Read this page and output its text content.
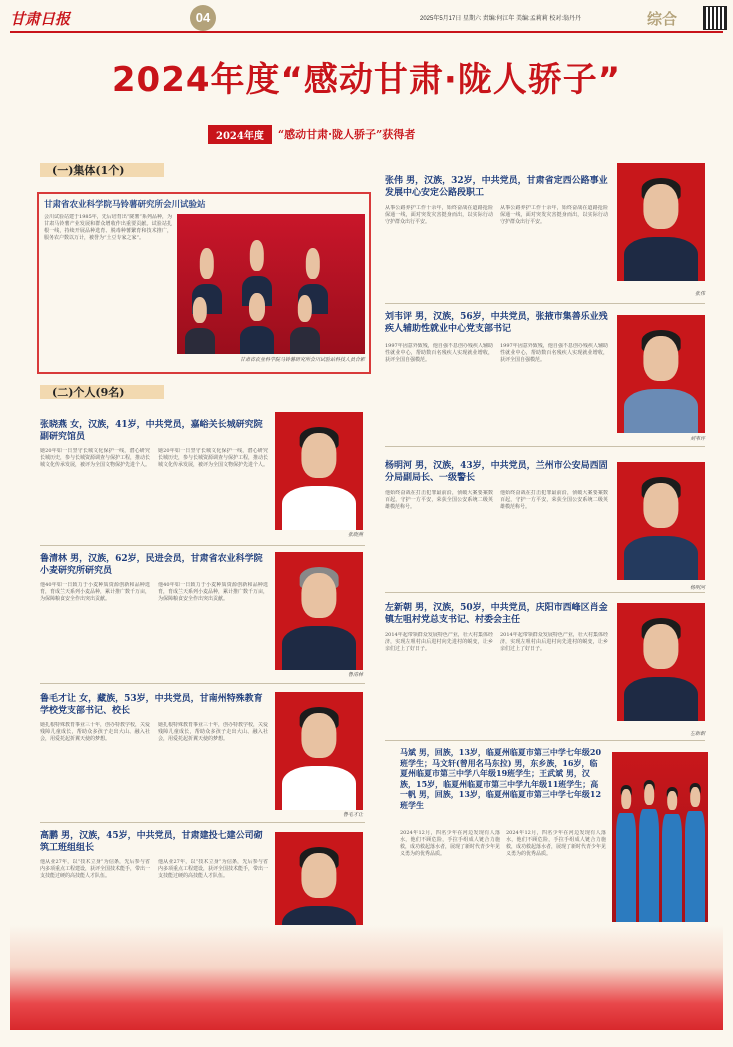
甘肃日报	04	2025年5月17日 星期六 责编:何江年 美编:孟莉莉 校对:翁丹丹	综合
2024年度“感动甘肃·陇人骄子”
2024年度	“感动甘肃·陇人骄子”获得者
(一)集体(1个)
甘肃省农业科学院马铃薯研究所会川试验站
会川试验站建于1985年，先后培育出“陇薯”系列品种，为甘肃马铃薯产业发展和群众增收作出重要贡献。试验站扎根一线，持续开展品种选育、脱毒种薯繁育和技术推广，服务农户数以万计，被誉为“土豆专家之家”。
甘肃省农业科学院马铃薯研究所会川试验站科技人员合影
(二)个人(9名)
张晓燕 女，汉族，41岁，中共党员，嘉峪关长城研究院副研究馆员
她20年如一日坚守长城文化保护一线，潜心研究长城历史，参与长城资源调查与保护工程，推动长城文化传承发展，被评为全国文物保护先进个人。
她20年如一日坚守长城文化保护一线，潜心研究长城历史，参与长城资源调查与保护工程，推动长城文化传承发展，被评为全国文物保护先进个人。
张晓燕
鲁清林 男，汉族，62岁，民进会员，甘肃省农业科学院小麦研究所研究员
他40年如一日致力于小麦种质资源创新和品种选育，育成兰天系列小麦品种，累计推广数千万亩，为保障粮食安全作出突出贡献。
他40年如一日致力于小麦种质资源创新和品种选育，育成兰天系列小麦品种，累计推广数千万亩，为保障粮食安全作出突出贡献。
鲁清林
鲁毛才让 女，藏族，53岁，中共党员，甘南州特殊教育学校党支部书记、校长
她扎根特殊教育事业三十年，创办特教学校，关爱残障儿童成长，帮助众多孩子走出大山、融入社会，用爱托起折翼天使的梦想。
她扎根特殊教育事业三十年，创办特教学校，关爱残障儿童成长，帮助众多孩子走出大山、融入社会，用爱托起折翼天使的梦想。
鲁毛才让
高鹏 男，汉族，45岁，中共党员，甘肃建投七建公司砌筑工班组组长
他从业27年，以“技术立身”为信条，先后参与省内多项重点工程建设，获评全国技术能手，带出一支技能过硬的高技能人才队伍。
他从业27年，以“技术立身”为信条，先后参与省内多项重点工程建设，获评全国技术能手，带出一支技能过硬的高技能人才队伍。
张伟 男，汉族，32岁，中共党员，甘肃省定西公路事业发展中心安定公路段职工
从事公路养护工作十余年，始终奋战在道路抢险保通一线，面对突发灾害挺身而出，以实际行动守护群众出行平安。
从事公路养护工作十余年，始终奋战在道路抢险保通一线，面对突发灾害挺身而出，以实际行动守护群众出行平安。
张伟
刘韦评 男，汉族，56岁，中共党员，张掖市集善乐业残疾人辅助性就业中心党支部书记
1997年因意外致残，他自强不息创办残疾人辅助性就业中心，帮助数百名残疾人实现就业增收，获评全国自强模范。
1997年因意外致残，他自强不息创办残疾人辅助性就业中心，帮助数百名残疾人实现就业增收，获评全国自强模范。
刘韦评
杨明河 男，汉族，43岁，中共党员，兰州市公安局西固分局副局长、一级警长
他始终奋战在打击犯罪最前沿，侦破大案要案数百起，守护一方平安，荣获全国公安系统二级英雄模范称号。
他始终奋战在打击犯罪最前沿，侦破大案要案数百起，守护一方平安，荣获全国公安系统二级英雄模范称号。
杨明河
左新朝 男，汉族，50岁，中共党员，庆阳市西峰区肖金镇左咀村党总支书记、村委会主任
2014年起带领群众发展特色产业，壮大村集体经济，实现左咀村由后进村向先进村的蜕变，让乡亲们过上了好日子。
2014年起带领群众发展特色产业，壮大村集体经济，实现左咀村由后进村向先进村的蜕变，让乡亲们过上了好日子。
左新朝
马斌 男，回族，13岁，临夏州临夏市第三中学七年级20班学生；马文轩(曾用名马东拉) 男，东乡族，16岁，临夏州临夏市第三中学八年级19班学生；王武斌 男，汉族，15岁，临夏州临夏市第三中学九年级11班学生；高一帆 男，回族，13岁，临夏州临夏市第三中学七年级12班学生
2024年12月，四名少年在河边发现有人落水，他们不顾危险，手拉手组成人链合力施救，成功救起落水者，展现了新时代青少年见义勇为的优秀品质。
2024年12月，四名少年在河边发现有人落水，他们不顾危险，手拉手组成人链合力施救，成功救起落水者，展现了新时代青少年见义勇为的优秀品质。
